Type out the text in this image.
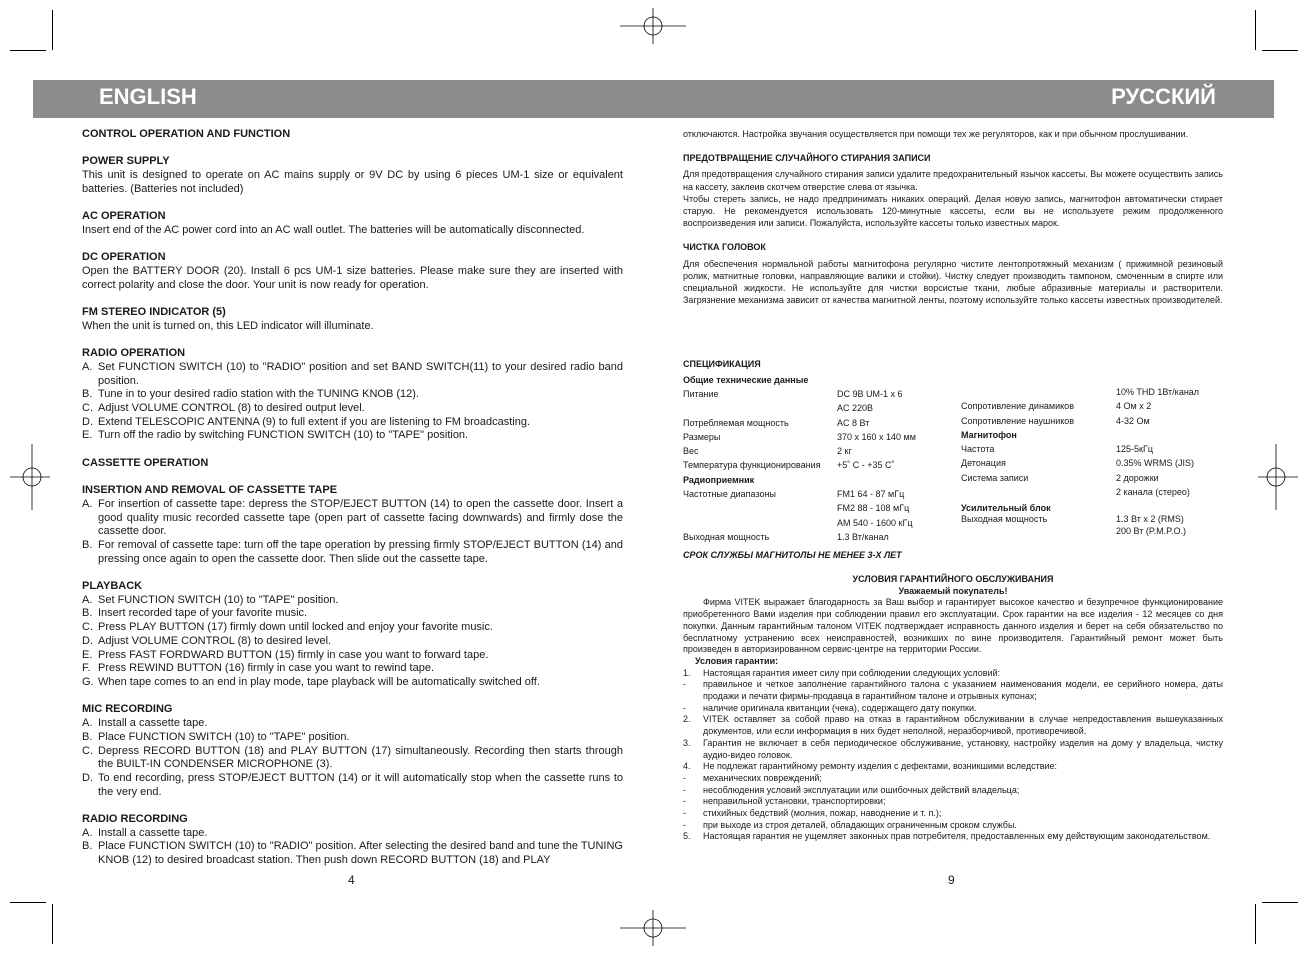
ENGLISH	РУССКИЙ

CONTROL OPERATION AND FUNCTION

POWER SUPPLY

This unit is designed to operate on AC mains supply or 9V DC by using 6 pieces UM-1 size or equivalent batteries. (Batteries not included)

AC OPERATION

Insert end of the AC power cord into an AC wall outlet. The batteries will be automatically disconnected.

DC OPERATION

Open the BATTERY DOOR (20). Install 6 pcs UM-1 size batteries. Please make sure they are inserted with correct polarity and close the door. Your unit is now ready for operation.

FM STEREO INDICATOR (5)

When the unit is turned on, this LED indicator will illuminate.

RADIO OPERATION

A. Set FUNCTION SWITCH (10) to "RADIO" position and set BAND SWITCH(11) to your desired radio band position.
B. Tune in to your desired radio station with the TUNING KNOB (12).
C. Adjust VOLUME CONTROL (8) to desired output level.
D. Extend TELESCOPIC ANTENNA (9) to full extent if you are listening to FM broadcasting.
E. Turn off the radio by switching FUNCTION SWITCH (10) to "TAPE" position.

CASSETTE OPERATION

INSERTION AND REMOVAL OF CASSETTE TAPE

A. For insertion of cassette tape: depress the STOP/EJECT BUTTON (14) to open the cassette door. Insert a good quality music recorded cassette tape (open part of cassette facing downwards) and firmly dose the cassette door.
B. For removal of cassette tape: turn off the tape operation by pressing firmly STOP/EJECT BUTTON (14) and pressing once again to open the cassette door. Then slide out the cassette tape.

PLAYBACK

A. Set FUNCTION SWITCH (10) to "TAPE" position.
B. Insert recorded tape of your favorite music.
C. Press PLAY BUTTON (17) firmly down until locked and enjoy your favorite music.
D. Adjust VOLUME CONTROL (8) to desired level.
E. Press FAST FORDWARD BUTTON (15) firmly in case you want to forward tape.
F. Press REWIND BUTTON (16) firmly in case you want to rewind tape.
G. When tape comes to an end in play mode, tape playback will be automatically switched off.

MIC RECORDING

A. Install a cassette tape.
B. Place FUNCTION SWITCH (10) to "TAPE" position.
C. Depress RECORD BUTTON (18) and PLAY BUTTON (17) simultaneously. Recording then starts through the BUILT-IN CONDENSER MICROPHONE (3).
D. To end recording, press STOP/EJECT BUTTON (14) or it will automatically stop when the cassette runs to the very end.

RADIO RECORDING

A. Install a cassette tape.
B. Place FUNCTION SWITCH (10) to "RADIO" position. After selecting the desired band and tune the TUNING KNOB (12) to desired broadcast station. Then push down RECORD BUTTON (18) and PLAY
4

отключаются. Настройка звучания осуществляется при помощи тех же регуляторов, как и при обычном прослушивании.

ПРЕДОТВРАЩЕНИЕ СЛУЧАЙНОГО СТИРАНИЯ ЗАПИСИ

Для предотвращения случайного стирания записи удалите предохранительный язычок кассеты. Вы можете осуществить запись на кассету, заклеив скотчем отверстие слева от язычка.

Чтобы стереть запись, не надо предпринимать никаких операций. Делая новую запись, магнитофон автоматически стирает старую. Не рекомендуется использовать 120-минутные кассеты, если вы не используете режим продолженного воспроизведения или записи. Пожалуйста, используйте кассеты только известных марок.

ЧИСТКА ГОЛОВОК

Для обеспечения нормальной работы магнитофона регулярно чистите лентопротяжный механизм ( прижимной резиновый ролик, матнитные головки, направляющие валики и стойки). Чистку следует производить тампоном, смоченным в спирте или специальной жидкости. Не используйте для чистки ворсистые ткани, любые абразивные материалы и растворители. Загрязнение механизма зависит от качества магнитной ленты, поэтому используйте только кассеты известных производителей.

СПЕЦИФИКАЦИЯ
Общие технические данные
Питание	DC 9В UM-1 x 6
AC 220В
Потребляемая мощность	AC 8 Вт
Размеры	370 x 160 x 140 мм
Вес	2 кг
Температура функционирования	+5˚ C - +35 C˚
Радиоприемник
Частотные диапазоны	FM1 64 - 87 мГц
FM2 88 - 108 мГц
AM 540 - 1600 кГц
Выходная мощность	1.3 Вт/канал
10% THD 1Вт/канал
Сопротивление динамиков	4 Ом x 2
Сопротивление наушников	4-32 Ом
Магнитофон
Частота	125-5кГц
Детонация	0.35% WRMS (JIS)
Система записи	2 дорожки
2 канала (стерео)
Усилительный блок
Выходная мощность	1.3 Вт x 2 (RMS)
200 Вт (P.M.P.O.)
СРОК СЛУЖБЫ МАГНИТОЛЫ НЕ МЕНЕЕ 3-Х ЛЕТ
УСЛОВИЯ ГАРАНТИЙНОГО ОБСЛУЖИВАНИЯ
Уважаемый покупатель!

Фирма VITEK выражает благодарность за Ваш выбор и гарантирует высокое качество и безупречное функционирование приобретенного Вами изделия при соблюдении правил его эксплуатации. Срок гарантии на все изделия - 12 месяцев со дня покупки. Данным гарантийным талоном VITEK подтверждает исправность данного изделия и берет на себя обязательство по бесплатному устранению всех неисправностей, возникших по вине производителя. Гарантийный ремонт может быть произведен в авторизированном сервис-центре на территории России.

Условия гарантии:
1.	Настоящая гарантия имеет силу при соблюдении следующих условий:
-	правильное и четкое заполнение гарантийного талона с указанием наименования модели, ее серийного номера, даты продажи и печати фирмы-продавца в гарантийном талоне и отрывных купонах;
-	наличие оригинала квитанции (чека), содержащего дату покупки.
2.	VITEK оставляет за собой право на отказ в гарантийном обслуживании в случае непредоставления вышеуказанных документов, или если информация в них будет неполной, неразборчивой, противоречивой.
3.	Гарантия не включает в себя периодическое обслуживание, установку, настройку изделия на дому у владельца, чистку аудио-видео головок.
4.	Не подлежат гарантийному ремонту изделия с дефектами, возникшими вследствие:
-	механических повреждений;
-	несоблюдения условий эксплуатации или ошибочных действий владельца;
-	неправильной установки, транспортировки;
-	стихийных бедствий (молния, пожар, наводнение и т. п.);
-	при выходе из строя деталей, обладающих ограниченным сроком службы.
5.	Настоящая гарантия не ущемляет законных прав потребителя, предоставленных ему действующим законодательством.
9
